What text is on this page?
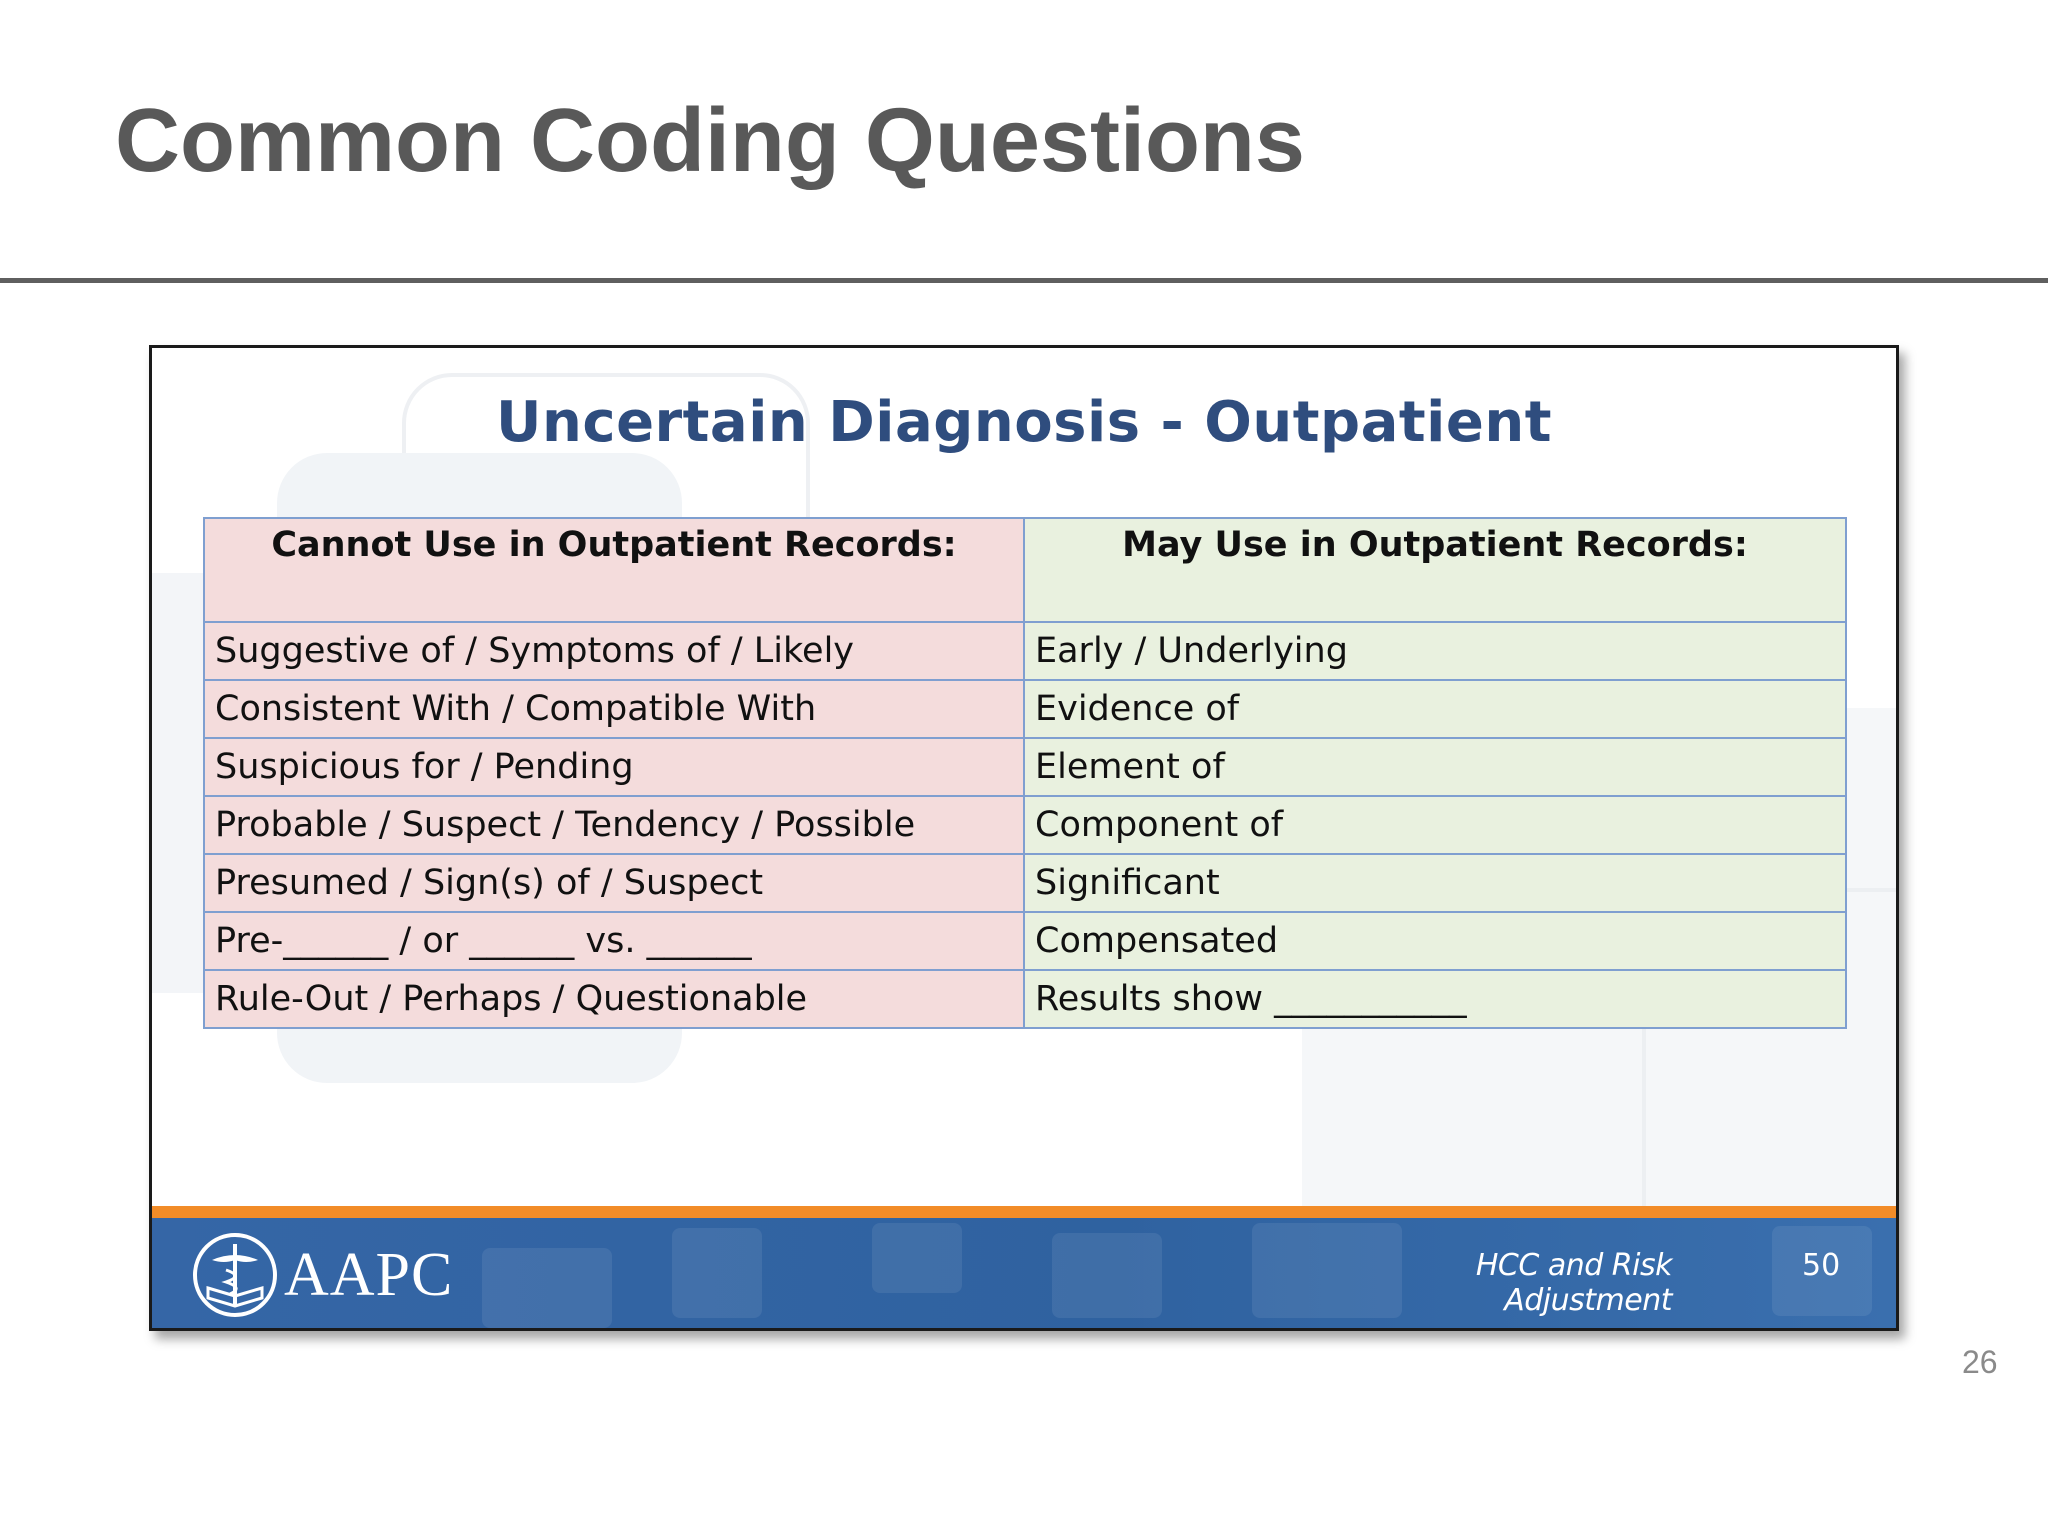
Common Coding Questions
Uncertain Diagnosis - Outpatient
Cannot Use in Outpatient Records:	May Use in Outpatient Records:
Suggestive of / Symptoms of / Likely	Early / Underlying
Consistent With / Compatible With	Evidence of
Suspicious for / Pending	Element of
Probable / Suspect / Tendency / Possible	Component of
Presumed / Sign(s) of / Suspect	Significant
Pre-______ / or ______ vs. ______	Compensated
Rule-Out / Perhaps / Questionable	Results show ___________
AAPC	HCC and Risk Adjustment
50
26
